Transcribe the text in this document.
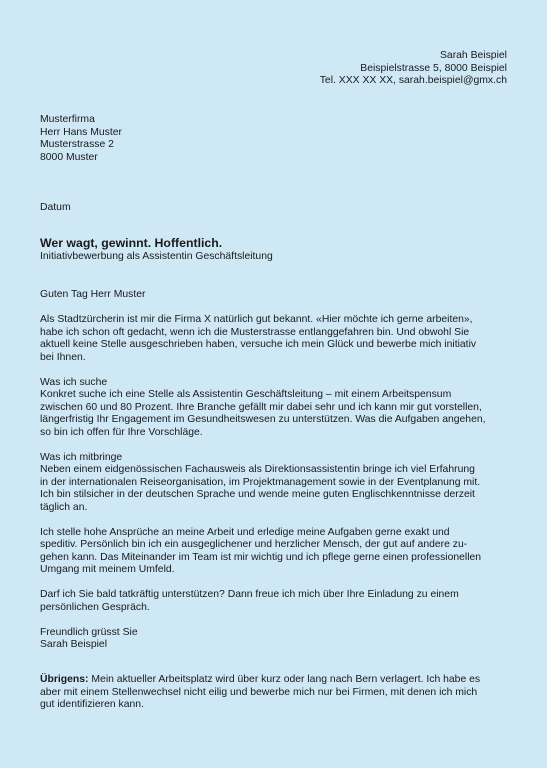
Sarah Beispiel
Beispielstrasse 5, 8000 Beispiel
Tel. XXX XX XX, sarah.beispiel@gmx.ch
Musterfirma
Herr Hans Muster
Musterstrasse 2
8000 Muster
Datum
Wer wagt, gewinnt. Hoffentlich.
Initiativbewerbung als Assistentin Geschäftsleitung

Guten Tag Herr Muster

Als Stadtzürcherin ist mir die Firma X natürlich gut bekannt. «Hier möchte ich gerne arbeiten»,
habe ich schon oft gedacht, wenn ich die Musterstrasse entlanggefahren bin. Und obwohl Sie
aktuell keine Stelle ausgeschrieben haben, versuche ich mein Glück und bewerbe mich initiativ
bei Ihnen.

Was ich suche
Konkret suche ich eine Stelle als Assistentin Geschäftsleitung – mit einem Arbeitspensum
zwischen 60 und 80 Prozent. Ihre Branche gefällt mir dabei sehr und ich kann mir gut vorstellen,
längerfristig Ihr Engagement im Gesundheitswesen zu unterstützen. Was die Aufgaben angehen,
so bin ich offen für Ihre Vorschläge.

Was ich mitbringe
Neben einem eidgenössischen Fachausweis als Direktionsassistentin bringe ich viel Erfahrung
in der internationalen Reiseorganisation, im Projektmanagement sowie in der Eventplanung mit.
Ich bin stilsicher in der deutschen Sprache und wende meine guten Englischkenntnisse derzeit
täglich an.

Ich stelle hohe Ansprüche an meine Arbeit und erledige meine Aufgaben gerne exakt und
speditiv. Persönlich bin ich ein ausgeglichener und herzlicher Mensch, der gut auf andere zu-
gehen kann. Das Miteinander im Team ist mir wichtig und ich pflege gerne einen professionellen
Umgang mit meinem Umfeld.

Darf ich Sie bald tatkräftig unterstützen? Dann freue ich mich über Ihre Einladung zu einem
persönlichen Gespräch.

Freundlich grüsst Sie
Sarah Beispiel

Übrigens: Mein aktueller Arbeitsplatz wird über kurz oder lang nach Bern verlagert. Ich habe es
aber mit einem Stellenwechsel nicht eilig und bewerbe mich nur bei Firmen, mit denen ich mich
gut identifizieren kann.
